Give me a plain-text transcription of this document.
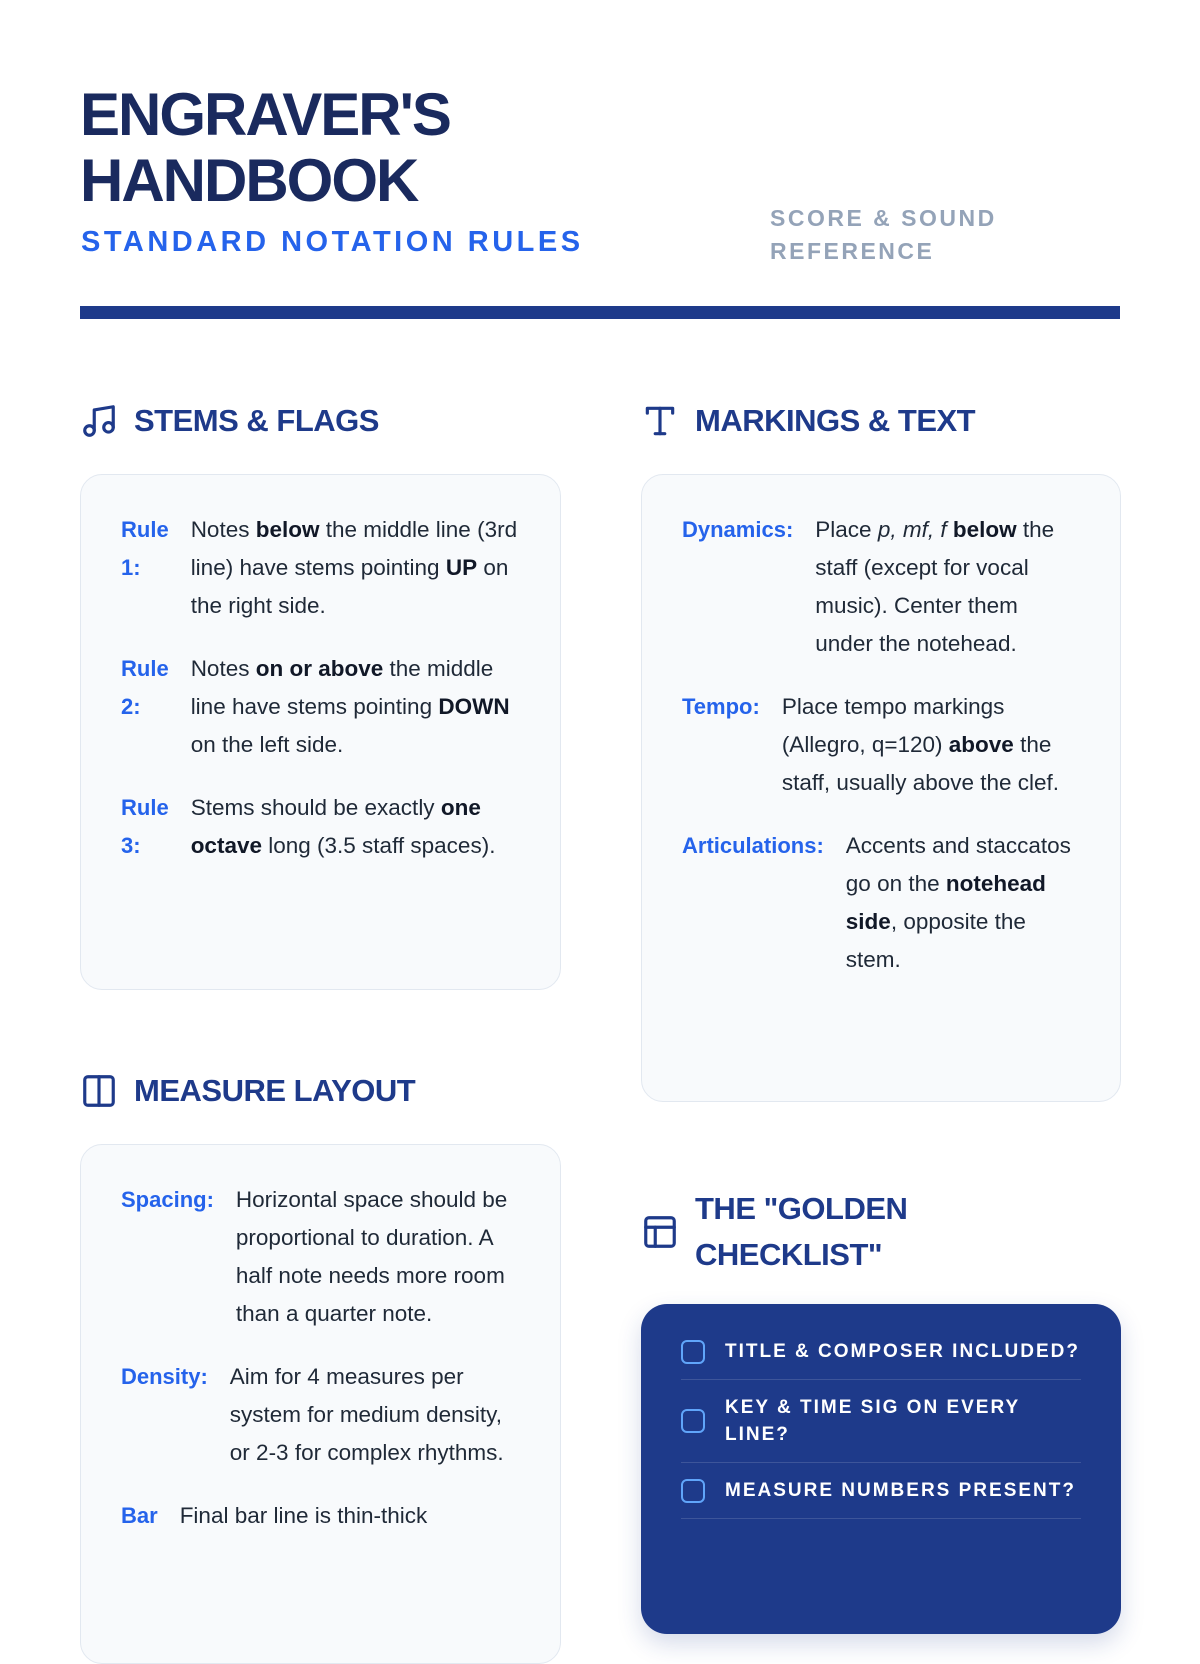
ENGRAVER'S
HANDBOOK
STANDARD NOTATION RULES
SCORE & SOUND
REFERENCE
STEMS & FLAGS
Rule 1:
Notes below the middle line (3rd line) have stems pointing UP on the right side.
Rule 2:
Notes on or above the middle line have stems pointing DOWN on the left side.
Rule 3:
Stems should be exactly one octave long (3.5 staff spaces).
MARKINGS & TEXT
Dynamics: Place p, mf, f below the staff (except for vocal music). Center them under the notehead.
Tempo: Place tempo markings (Allegro, q=120) above the staff, usually above the clef.
Articulations: Accents and staccatos go on the notehead side, opposite the stem.
MEASURE LAYOUT
Spacing: Horizontal space should be proportional to duration. A half note needs more room than a quarter note.
Density: Aim for 4 measures per system for medium density, or 2-3 for complex rhythms.
Bar Final bar line is thin-thick
THE "GOLDEN CHECKLIST"
TITLE & COMPOSER INCLUDED?
KEY & TIME SIG ON EVERY LINE?
MEASURE NUMBERS PRESENT?
